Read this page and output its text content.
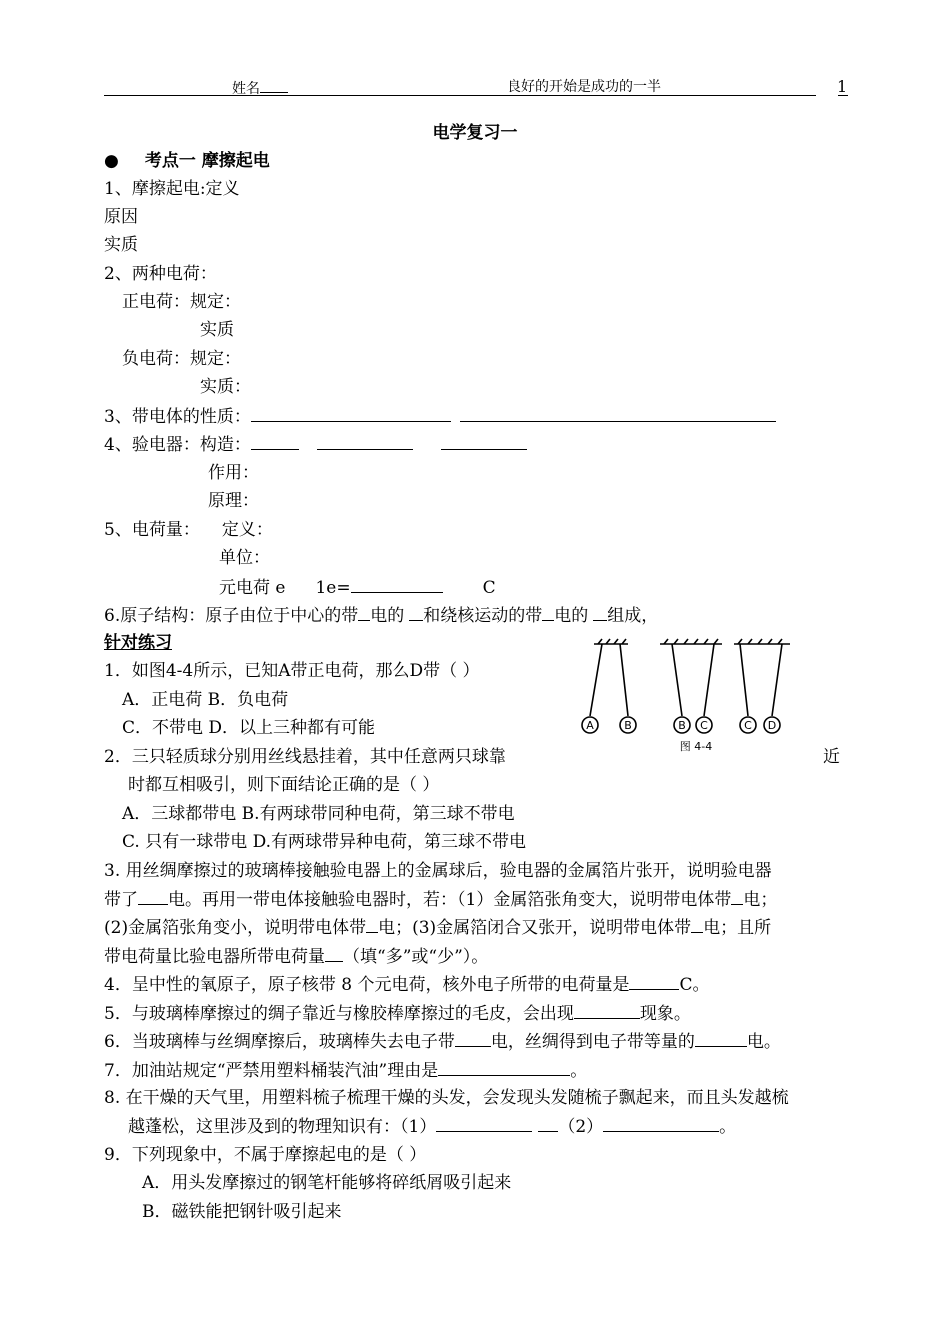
姓名	良好的开始是成功的一半	1
电学复习一
● 考点一 摩擦起电
1、摩擦起电:定义
原因
实质
2、两种电荷：
正电荷：规定：
实质
负电荷：规定：
实质：
3、带电体的性质：
4、验电器：构造：
作用：
原理：
5、电荷量： 定义：
单位：
元电荷 e 1e=	C
6.原子结构：原子由位于中心的带 电的 和绕核运动的带 电的 组成，
针对练习
1．如图4-4所示，已知A带正电荷，那么D带（ ）
A．正电荷 B．负电荷
C．不带电 D．以上三种都有可能	A	B	B C	C D
图 4-4
2．三只轻质球分别用丝线悬挂着，其中任意两只球靠	近
时都互相吸引，则下面结论正确的是（ ）
A．三球都带电 B.有两球带同种电荷，第三球不带电
C. 只有一球带电 D.有两球带异种电荷，第三球不带电
3. 用丝绸摩擦过的玻璃棒接触验电器上的金属球后，验电器的金属箔片张开，说明验电器
带了 电。再用一带电体接触验电器时，若：（1）金属箔张角变大，说明带电体带 电；
(2)金属箔张角变小，说明带电体带 电；(3)金属箔闭合又张开，说明带电体带 电；且所
带电荷量比验电器所带电荷量 （填“多”或“少”）。
4．呈中性的氧原子，原子核带 8 个元电荷，核外电子所带的电荷量是	C。
5．与玻璃棒摩擦过的绸子靠近与橡胶棒摩擦过的毛皮，会出现	现象。
6．当玻璃棒与丝绸摩擦后，玻璃棒失去电子带 电，丝绸得到电子带等量的	电。
7．加油站规定“严禁用塑料桶装汽油”理由是	。
8. 在干燥的天气里，用塑料梳子梳理干燥的头发，会发现头发随梳子飘起来，而且头发越梳
越蓬松，这里涉及到的物理知识有：（1）	（2）	。
9．下列现象中，不属于摩擦起电的是（ ）
A．用头发摩擦过的钢笔杆能够将碎纸屑吸引起来
B．磁铁能把钢针吸引起来
